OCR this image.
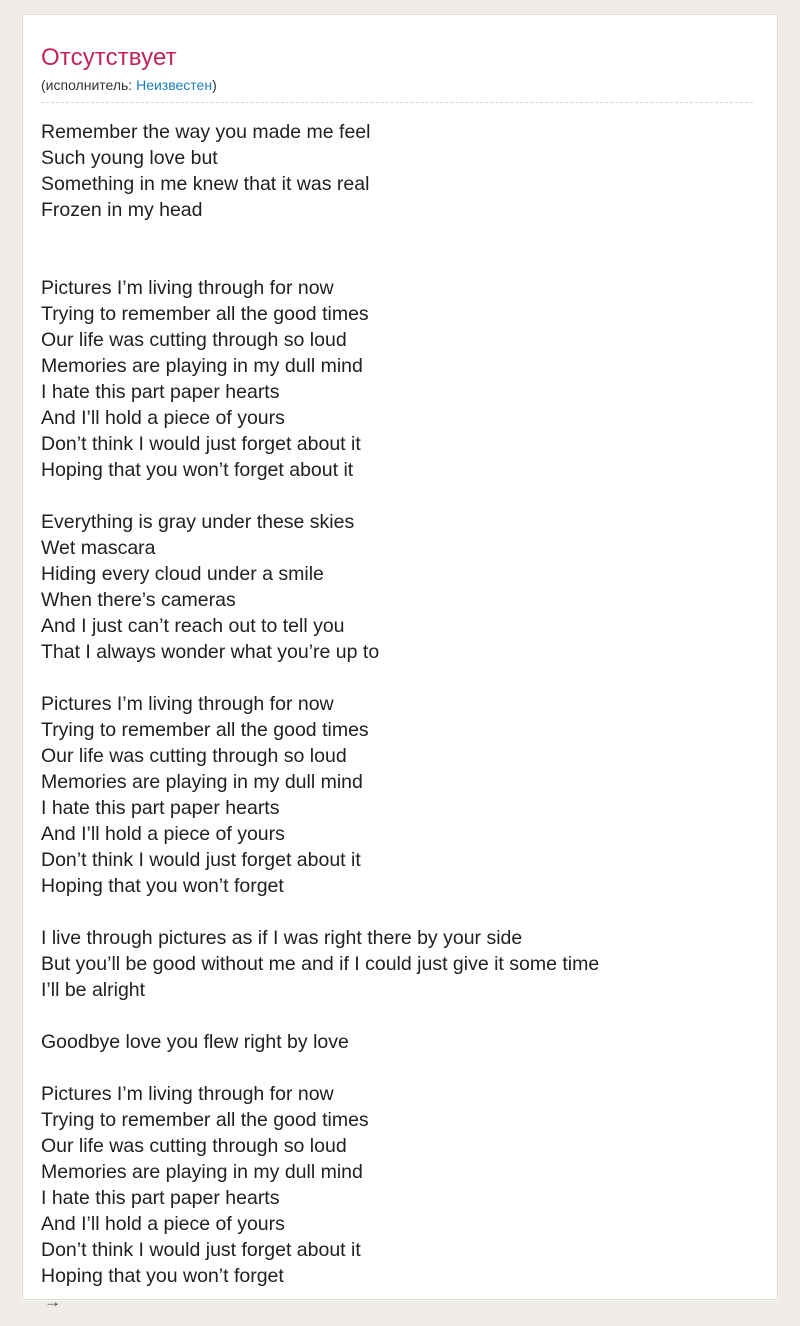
Отсутствует
(исполнитель: Неизвестен)
Remember the way you made me feel
Such young love but
Something in me knew that it was real
Frozen in my head
Pictures I’m living through for now
Trying to remember all the good times
Our life was cutting through so loud
Memories are playing in my dull mind
I hate this part paper hearts
And I’ll hold a piece of yours
Don’t think I would just forget about it
Hoping that you won’t forget about it
Everything is gray under these skies
Wet mascara
Hiding every cloud under a smile
When there’s cameras
And I just can’t reach out to tell you
That I always wonder what you’re up to
Pictures I’m living through for now
Trying to remember all the good times
Our life was cutting through so loud
Memories are playing in my dull mind
I hate this part paper hearts
And I’ll hold a piece of yours
Don’t think I would just forget about it
Hoping that you won’t forget
I live through pictures as if I was right there by your side
But you’ll be good without me and if I could just give it some time
I’ll be alright
Goodbye love you flew right by love
Pictures I’m living through for now
Trying to remember all the good times
Our life was cutting through so loud
Memories are playing in my dull mind
I hate this part paper hearts
And I’ll hold a piece of yours
Don’t think I would just forget about it
Hoping that you won’t forget
→
